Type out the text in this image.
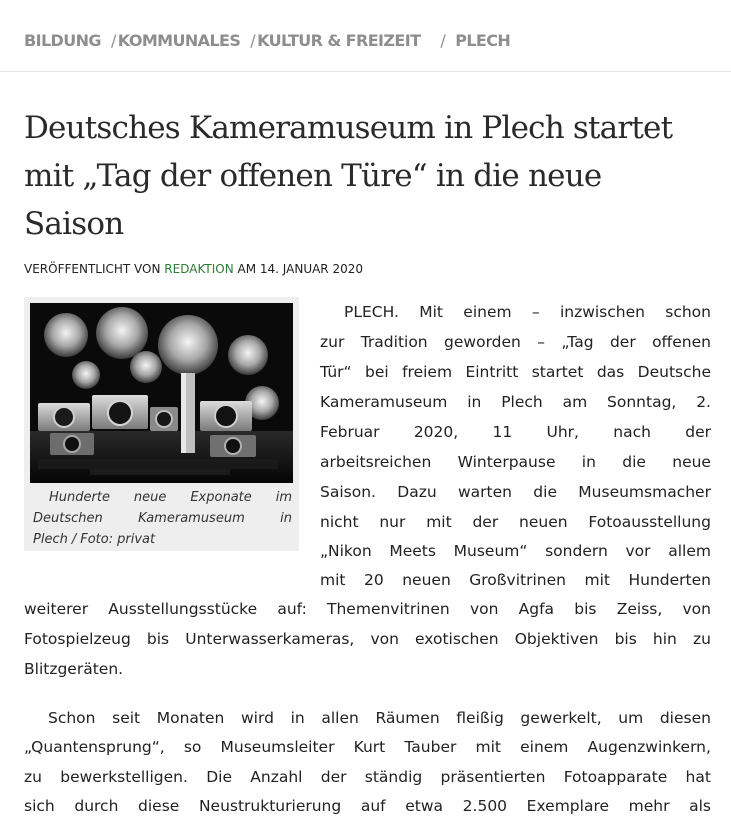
BILDUNG / KOMMUNALES / KULTUR & FREIZEIT / PLECH
Deutsches Kameramuseum in Plech startet
mit „Tag der offenen Türe“ in die neue
Saison
VERÖFFENTLICHT VON REDAKTION AM 14. JANUAR 2020
Hunderte neue Exponate im
Deutschen	Kameramuseum	in
Plech / Foto: privat
PLECH. Mit einem – inzwischen schon
zur Tradition geworden – „Tag der offenen
Tür“ bei freiem Eintritt startet das Deutsche
Kameramuseum in Plech am Sonntag, 2.
Februar 2020, 11 Uhr, nach der
arbeitsreichen Winterpause in die neue
Saison. Dazu warten die Museumsmacher
nicht nur mit der neuen Fotoausstellung
„Nikon Meets Museum“ sondern vor allem
mit 20 neuen Großvitrinen mit Hunderten
weiterer Ausstellungsstücke auf: Themenvitrinen von Agfa bis Zeiss, von
Fotospielzeug bis Unterwasserkameras, von exotischen Objektiven bis hin zu
Blitzgeräten.
Schon seit Monaten wird in allen Räumen fleißig gewerkelt, um diesen
„Quantensprung“, so Museumsleiter Kurt Tauber mit einem Augenzwinkern,
zu bewerkstelligen. Die Anzahl der ständig präsentierten Fotoapparate hat
sich durch diese Neustrukturierung auf etwa 2.500 Exemplare mehr als
